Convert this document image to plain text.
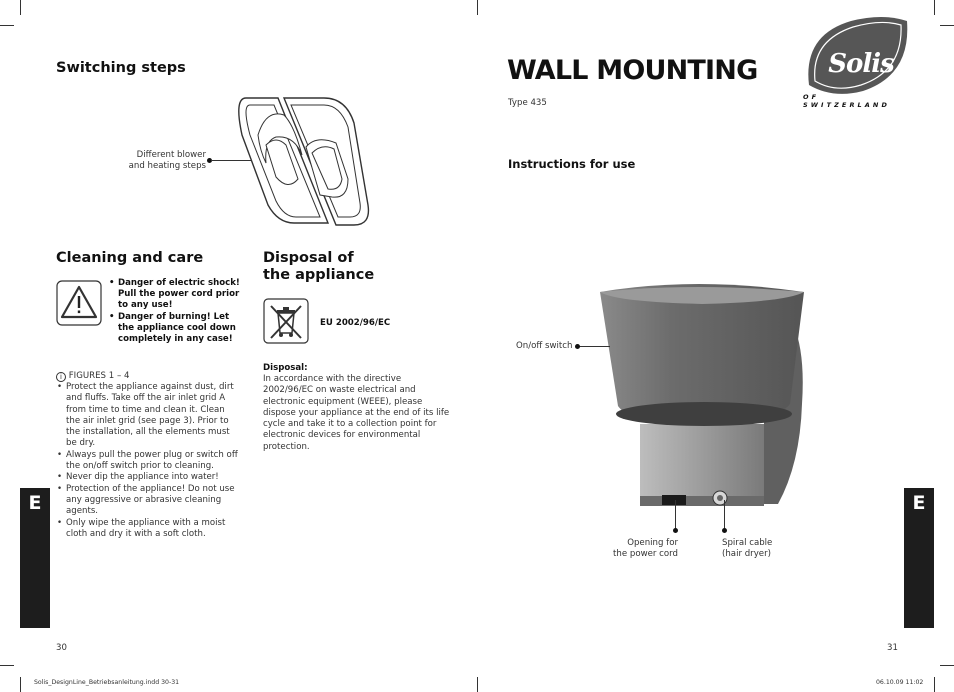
Switching steps
Different blower
and heating steps
Cleaning and care
• Danger of electric shock! Pull the power cord prior to any use!
• Danger of burning! Let the appliance cool down completely in any case!
i FIGURES 1 – 4
• Protect the appliance against dust, dirt and fluffs. Take off the air inlet grid A from time to time and clean it. Clean the air inlet grid (see page 3). Prior to the installation, all the elements must be dry.
• Always pull the power plug or switch off the on/off switch prior to cleaning.
• Never dip the appliance into water!
• Protection of the appliance! Do not use any aggressive or abrasive cleaning agents.
• Only wipe the appliance with a moist cloth and dry it with a soft cloth.
Disposal of
the appliance
EU 2002/96/EC
Disposal:
In accordance with the directive 2002/96/EC on waste electrical and electronic equipment (WEEE), please dispose your appliance at the end of its life cycle and take it to a collection point for electronic devices for environmental protection.
E
30
WALL MOUNTING
Type 435
Instructions for use
Solis
OF SWITZERLAND
On/off switch
Opening for
the power cord
Spiral cable
(hair dryer)
E
31
Solis_DesignLine_Betriebsanleitung.indd 30-31	06.10.09 11:02
